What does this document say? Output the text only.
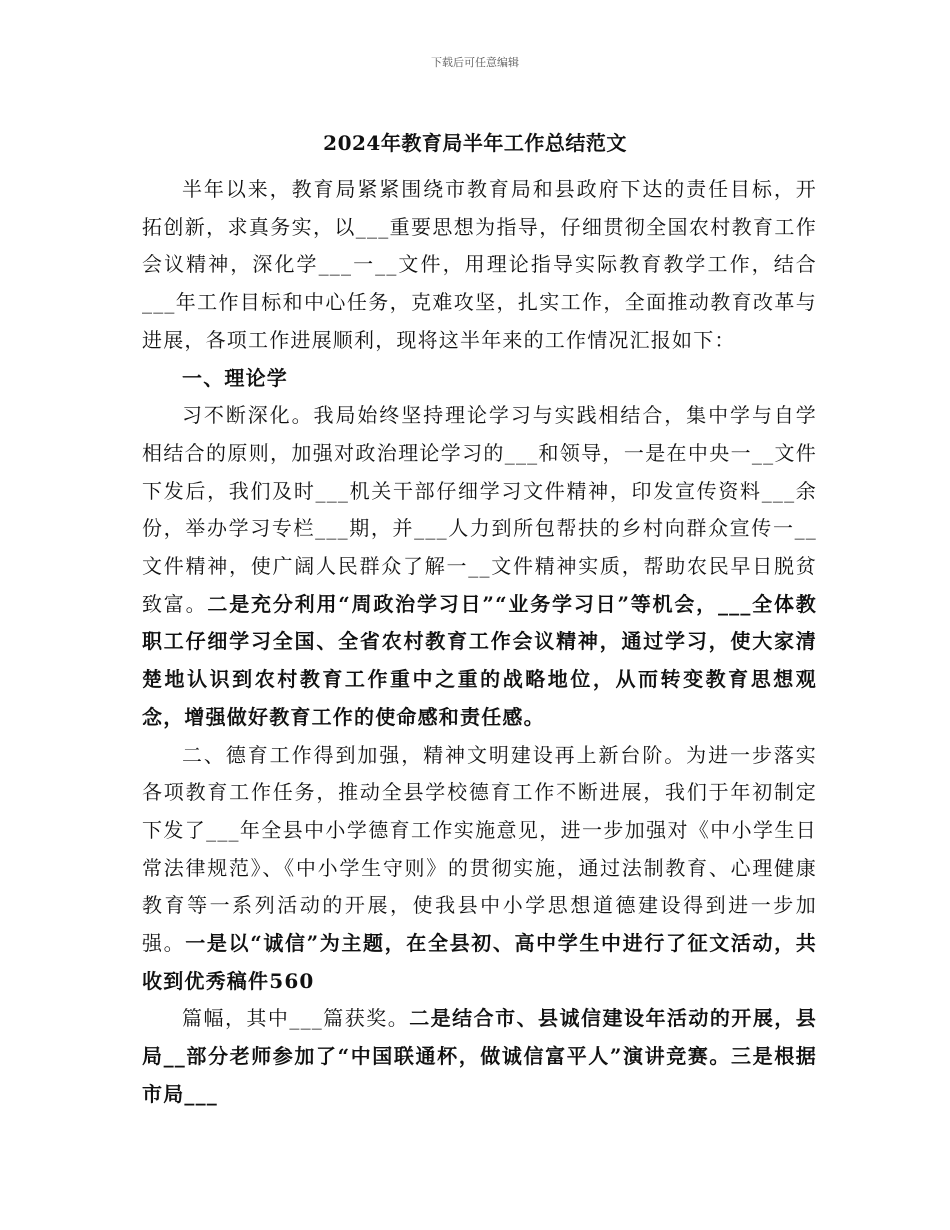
下载后可任意编辑
2024年教育局半年工作总结范文

半年以来，教育局紧紧围绕市教育局和县政府下达的责任目标，开拓创新，求真务实，以___重要思想为指导，仔细贯彻全国农村教育工作会议精神，深化学___一__文件，用理论指导实际教育教学工作，结合___年工作目标和中心任务，克难攻坚，扎实工作，全面推动教育改革与进展，各项工作进展顺利，现将这半年来的工作情况汇报如下：

一、理论学

习不断深化。我局始终坚持理论学习与实践相结合，集中学与自学相结合的原则，加强对政治理论学习的___和领导，一是在中央一__文件下发后，我们及时___机关干部仔细学习文件精神，印发宣传资料___余份，举办学习专栏___期，并___人力到所包帮扶的乡村向群众宣传一__文件精神，使广阔人民群众了解一__文件精神实质，帮助农民早日脱贫致富。二是充分利用“周政治学习日”“业务学习日”等机会，___全体教职工仔细学习全国、全省农村教育工作会议精神，通过学习，使大家清楚地认识到农村教育工作重中之重的战略地位，从而转变教育思想观念，增强做好教育工作的使命感和责任感。

二、德育工作得到加强，精神文明建设再上新台阶。为进一步落实各项教育工作任务，推动全县学校德育工作不断进展，我们于年初制定下发了___年全县中小学德育工作实施意见，进一步加强对《中小学生日常法律规范》、《中小学生守则》的贯彻实施，通过法制教育、心理健康教育等一系列活动的开展，使我县中小学思想道德建设得到进一步加强。一是以“诚信”为主题，在全县初、高中学生中进行了征文活动，共收到优秀稿件560

篇幅，其中___篇获奖。二是结合市、县诚信建设年活动的开展，县局__部分老师参加了“中国联通杯，做诚信富平人”演讲竞赛。三是根据市局___
